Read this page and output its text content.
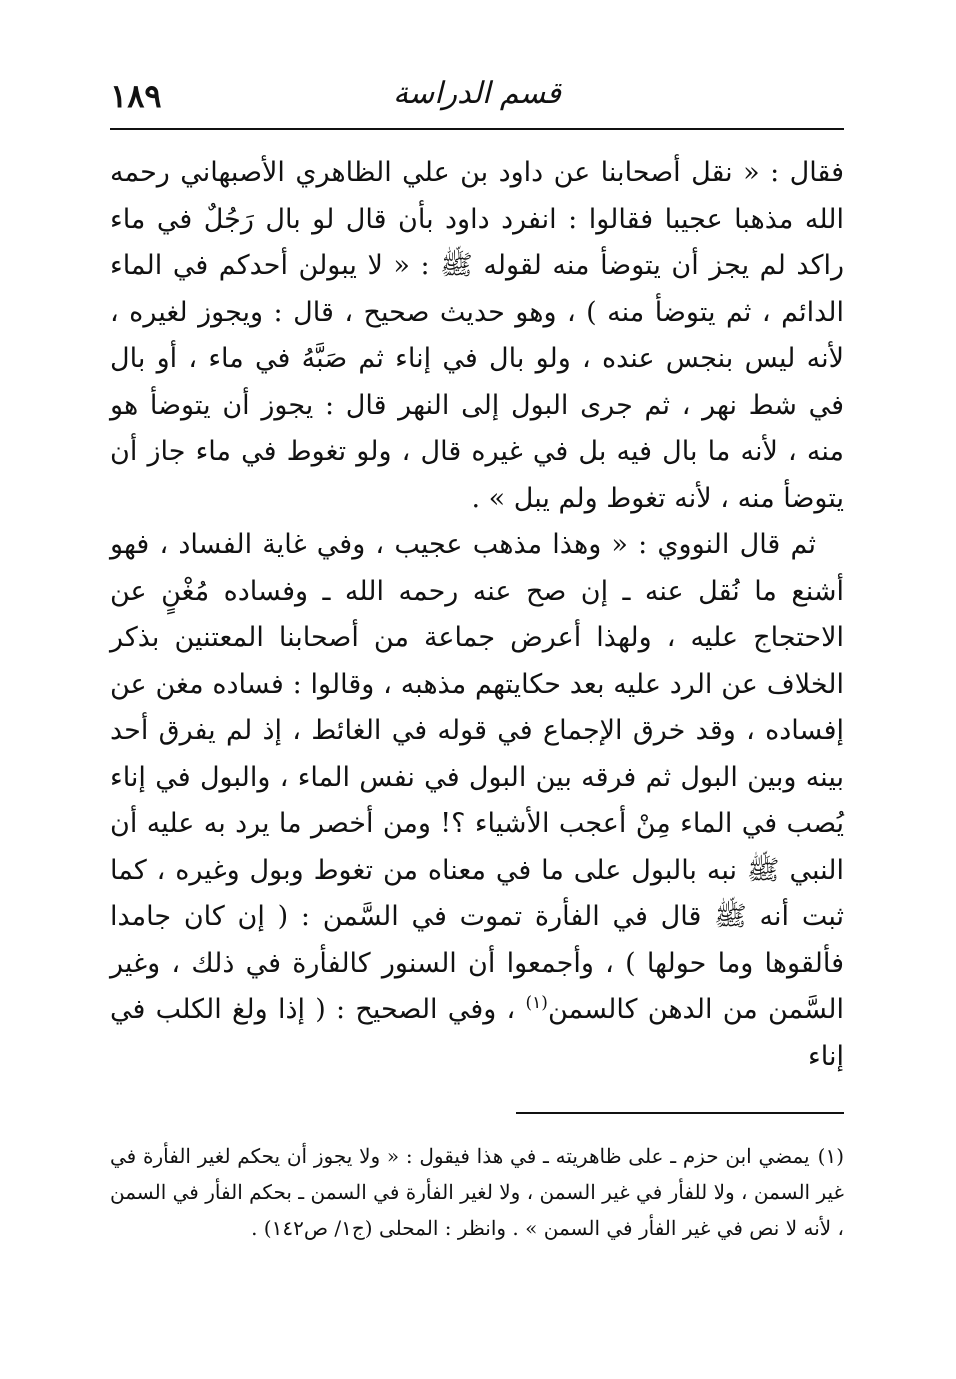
قسم الدراسة
١٨٩

فقال : « نقل أصحابنا عن داود بن علي الظاهري الأصبهاني رحمه الله مذهبا عجيبا فقالوا : انفرد داود بأن قال لو بال رَجُلٌ في ماء راكد لم يجز أن يتوضأ منه لقوله ﷺ : « لا يبولن أحدكم في الماء الدائم ، ثم يتوضأ منه ) ، وهو حديث صحيح ، قال : ويجوز لغيره ، لأنه ليس بنجس عنده ، ولو بال في إناء ثم صَبَّهُ في ماء ، أو بال في شط نهر ، ثم جرى البول إلى النهر قال : يجوز أن يتوضأ هو منه ، لأنه ما بال فيه بل في غيره قال ، ولو تغوط في ماء جاز أن يتوضأ منه ، لأنه تغوط ولم يبل » .

ثم قال النووي : « وهذا مذهب عجيب ، وفي غاية الفساد ، فهو أشنع ما نُقل عنه ـ إن صح عنه رحمه الله ـ وفساده مُغْنٍ عن الاحتجاج عليه ، ولهذا أعرض جماعة من أصحابنا المعتنين بذكر الخلاف عن الرد عليه بعد حكايتهم مذهبه ، وقالوا : فساده مغن عن إفساده ، وقد خرق الإجماع في قوله في الغائط ، إذ لم يفرق أحد بينه وبين البول ثم فرقه بين البول في نفس الماء ، والبول في إناء يُصب في الماء مِنْ أعجب الأشياء ؟! ومن أخصر ما يرد به عليه أن النبي ﷺ نبه بالبول على ما في معناه من تغوط وبول وغيره ، كما ثبت أنه ﷺ قال في الفأرة تموت في السَّمن : ( إن كان جامدا فألقوها وما حولها ) ، وأجمعوا أن السنور كالفأرة في ذلك ، وغير السَّمن من الدهن كالسمن$^{(١)}$ ، وفي الصحيح : ( إذا ولغ الكلب في إناء

(١)يمضي ابن حزم ـ على ظاهريته ـ في هذا فيقول : « ولا يجوز أن يحكم لغير الفأرة في غير السمن ، ولا للفأر في غير السمن ، ولا لغير الفأرة في السمن ـ بحكم الفأر في السمن ، لأنه لا نص في غير الفأر في السمن » . وانظر : المحلى (ج١/ ص١٤٢) .
